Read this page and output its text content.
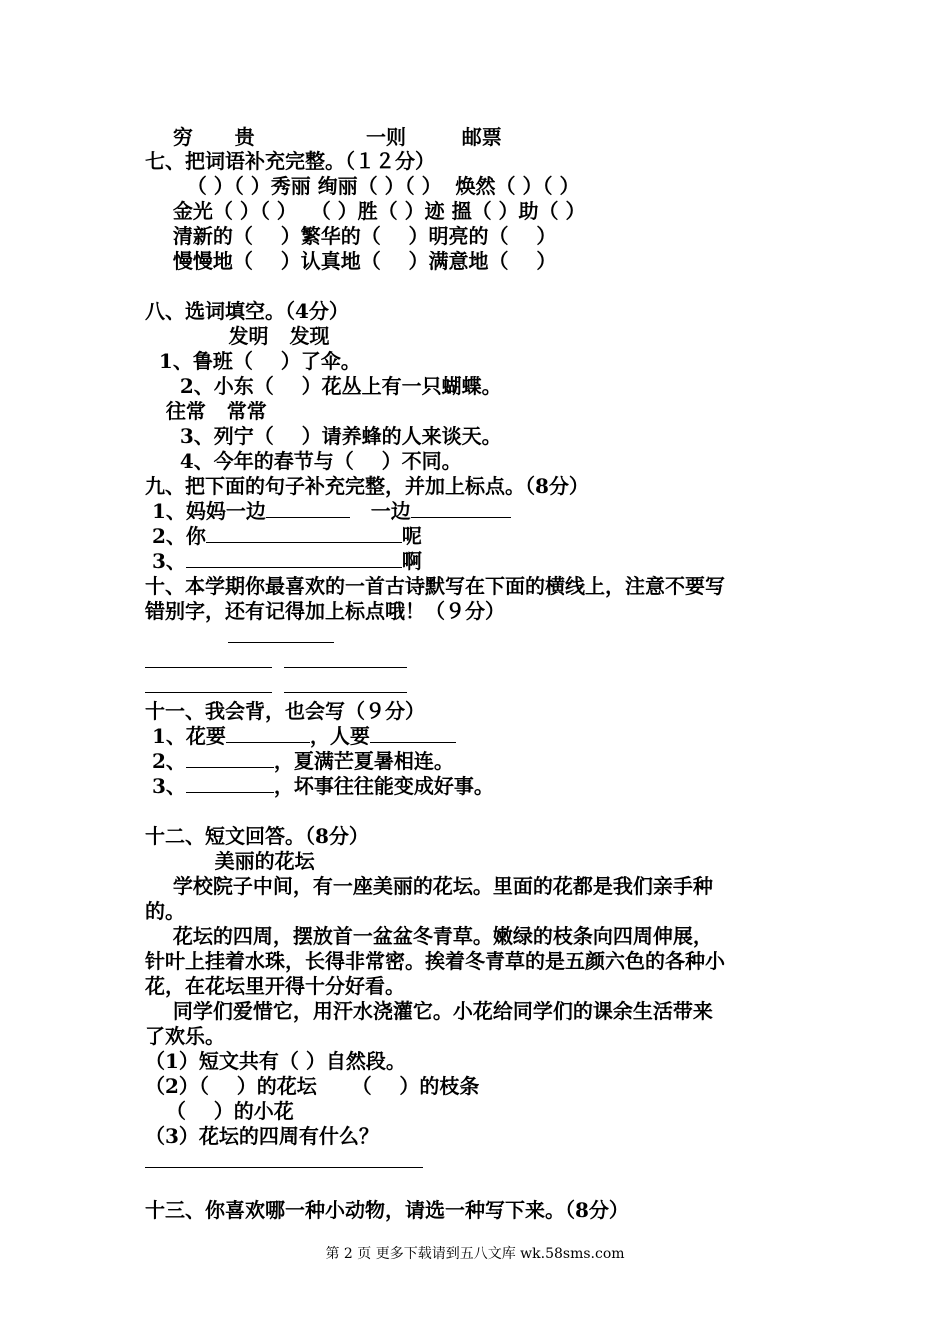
穷      贵                一则        邮票
七、把词语补充完整。（１２分）
（ ）（ ）秀丽 绚丽（ ）（ ）  焕然（ ）（ ）
金光（ ）（ ）  （ ）胜（ ）迹 搵（ ）助（ ）
清新的（    ）繁华的（    ）明亮的（    ）
慢慢地（    ）认真地（    ）满意地（    ）
八、选词填空。（4分）
发明   发现
1、鲁班（    ）了伞。
2、小东（    ）花丛上有一只蝴蝶。
往常   常常
3、列宁（    ）请养蜂的人来谈天。
4、今年的春节与（    ）不同。
九、把下面的句子补充完整，并加上标点。（8分）
1、妈妈一边	一边
2、你	呢
3、	啊
十、本学期你最喜欢的一首古诗默写在下面的横线上，注意不要写
错别字，还有记得加上标点哦！（９分）
十一、我会背，也会写（９分）
1、花要	，人要
2、	，夏满芒夏暑相连。
3、	，坏事往往能变成好事。
十二、短文回答。（8分）
美丽的花坛
学校院子中间，有一座美丽的花坛。里面的花都是我们亲手种
的。
花坛的四周，摆放首一盆盆冬青草。嫩绿的枝条向四周伸展，
针叶上挂着水珠，长得非常密。挨着冬青草的是五颜六色的各种小
花，在花坛里开得十分好看。
同学们爱惜它，用汗水浇灌它。小花给同学们的课余生活带来
了欢乐。
（1）短文共有（ ）自然段。
（2）（    ）的花坛     （    ）的枝条
（    ）的小花
（3）花坛的四周有什么？
十三、你喜欢哪一种小动物，请选一种写下来。（8分）
第 2 页 更多下载请到五八文库 wk.58sms.com
